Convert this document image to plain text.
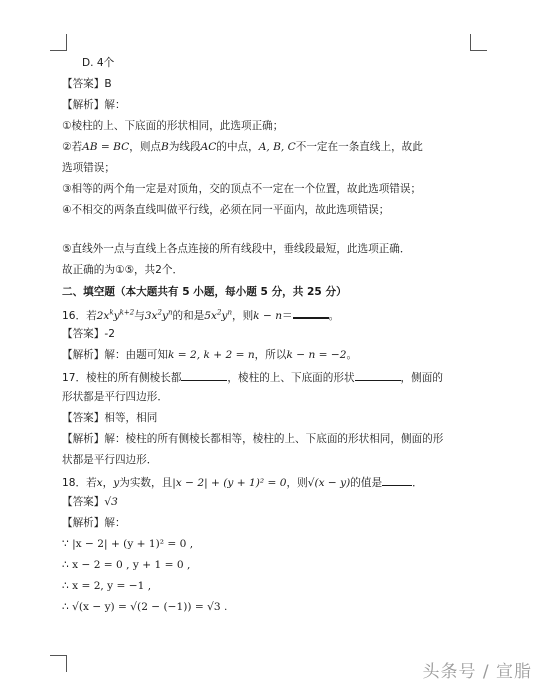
D. 4个
【答案】B
【解析】解：
①棱柱的上、下底面的形状相同，此选项正确；
②若AB = BC，则点B为线段AC的中点，A, B, C不一定在一条直线上，故此
选项错误；
③相等的两个角一定是对顶角，交的顶点不一定在一个位置，故此选项错误；
④不相交的两条直线叫做平行线，必须在同一平面内，故此选项错误；
⑤直线外一点与直线上各点连接的所有线段中，垂线段最短，此选项正确．
故正确的为①⑤，共2个．
二、填空题（本大题共有 5 小题，每小题 5 分，共 25 分）
16．若$2x^ky^{k+2}$与$3x^2y^n$的和是$5x^2y^n$，则k − n＝	。
【答案】-2
【解析】解：由题可知k = 2, k + 2 = n，所以k − n = −2。
17．棱柱的所有侧棱长都	，棱柱的上、下底面的形状	，侧面的
形状都是平行四边形．
【答案】相等，相同
【解析】解：棱柱的所有侧棱长都相等，棱柱的上、下底面的形状相同，侧面的形
状都是平行四边形．
18．若x，y为实数，且|x − 2| + (y + 1)² = 0，则√(x − y)的值是	．
【答案】√3
【解析】解：
∵ |x − 2| + (y + 1)² = 0 ,
∴ x − 2 = 0 , y + 1 = 0 ,
∴ x = 2, y = −1 ,
∴ √(x − y) = √(2 − (−1)) = √3 .
头条号 / 宣脂
